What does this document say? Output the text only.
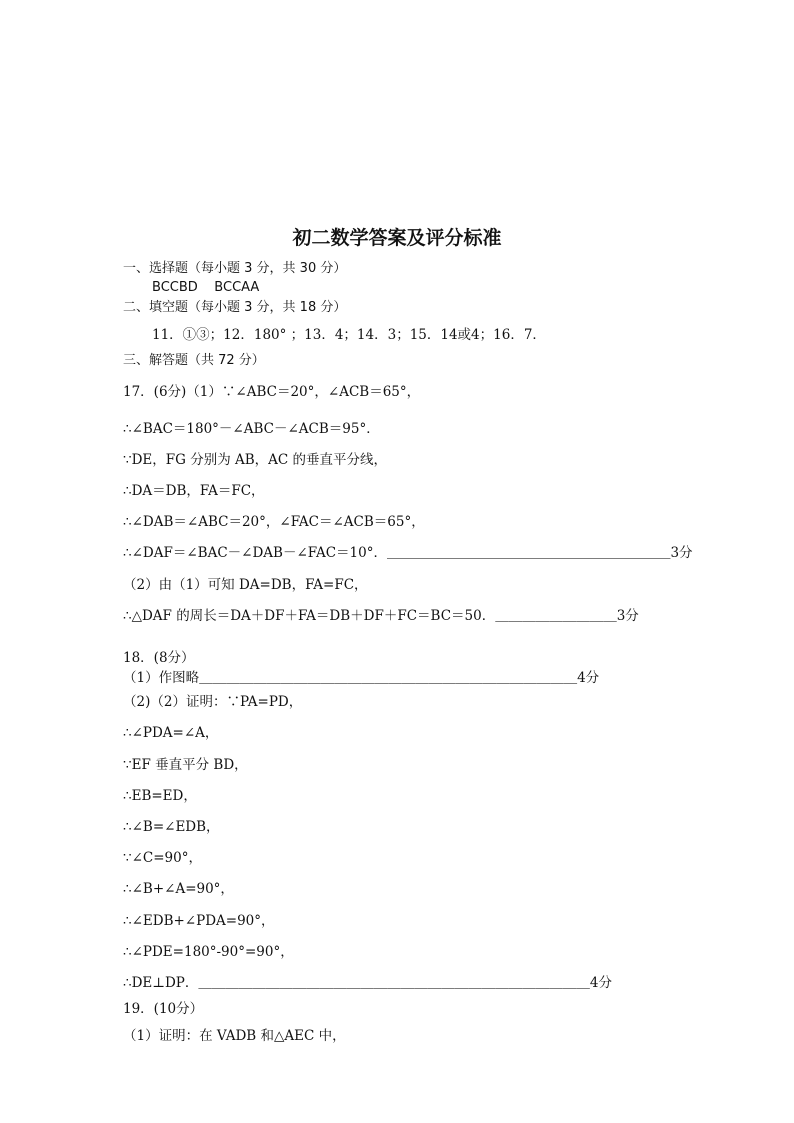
初二数学答案及评分标准
一、选择题（每小题 3 分，共 30 分）
BCCBD    BCCAA
二、填空题（每小题 3 分，共 18 分）
11．①③；12．180° ；13．4；14．3；15．14或4；16．7．
三、解答题（共 72 分）
17．(6分)（1）∵∠ABC＝20°，∠ACB＝65°，
∴∠BAC＝180°－∠ABC－∠ACB＝95°．
∵DE，FG 分别为 AB，AC 的垂直平分线，
∴DA＝DB，FA＝FC，
∴∠DAB＝∠ABC＝20°，∠FAC＝∠ACB＝65°，
∴∠DAF＝∠BAC－∠DAB－∠FAC＝10°．＿＿＿＿＿＿＿＿＿＿＿＿＿＿＿＿＿＿＿＿＿3分
（2）由（1）可知 DA=DB，FA=FC，
∴△DAF 的周长＝DA＋DF＋FA＝DB＋DF＋FC＝BC＝50．＿＿＿＿＿＿＿＿＿3分
18．(8分）
（1）作图略＿＿＿＿＿＿＿＿＿＿＿＿＿＿＿＿＿＿＿＿＿＿＿＿＿＿＿＿4分
（2)（2）证明：∵PA=PD，
∴∠PDA=∠A，
∵EF 垂直平分 BD，
∴EB=ED，
∴∠B=∠EDB，
∵∠C=90°，
∴∠B+∠A=90°，
∴∠EDB+∠PDA=90°，
∴∠PDE=180°-90°=90°，
∴DE⊥DP．＿＿＿＿＿＿＿＿＿＿＿＿＿＿＿＿＿＿＿＿＿＿＿＿＿＿＿＿＿4分
19．(10分）
（1）证明：在 VADB 和△AEC 中，
